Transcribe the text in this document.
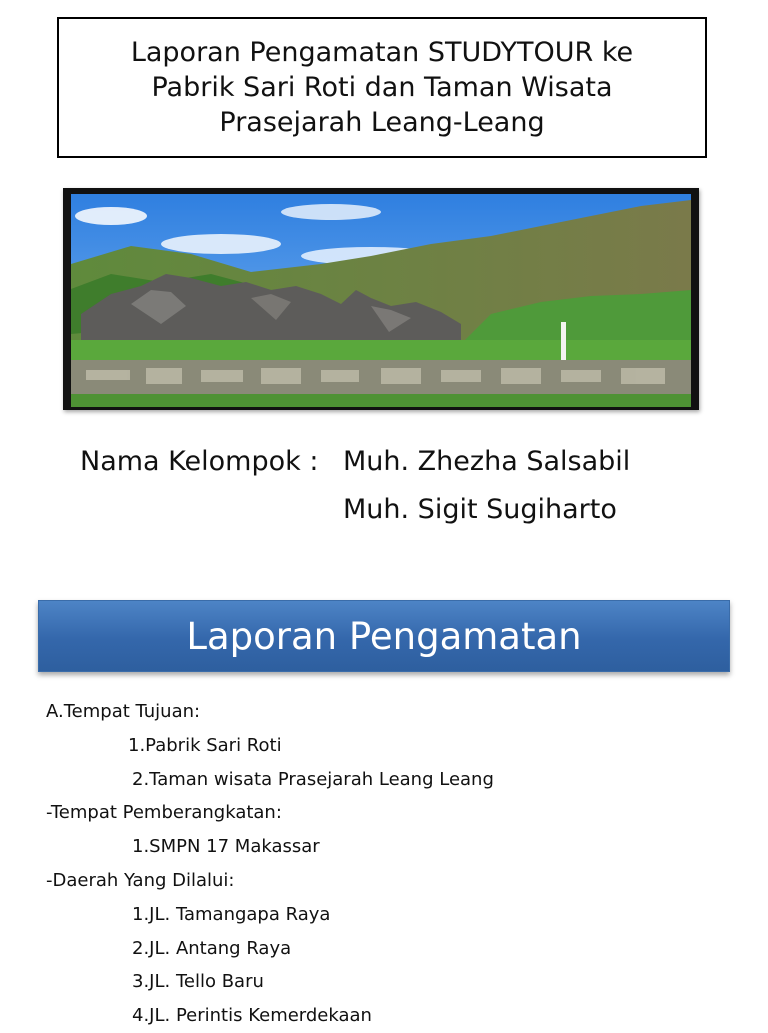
Laporan Pengamatan STUDYTOUR ke
Pabrik Sari Roti dan Taman Wisata
Prasejarah Leang-Leang
Nama Kelompok : Muh. Zhezha Salsabil
Muh. Sigit Sugiharto
Laporan Pengamatan
A.Tempat Tujuan:
1.Pabrik Sari Roti
2.Taman wisata Prasejarah Leang Leang
-Tempat Pemberangkatan:
1.SMPN 17 Makassar
-Daerah Yang Dilalui:
1.JL. Tamangapa Raya
2.JL. Antang Raya
3.JL. Tello Baru
4.JL. Perintis Kemerdekaan
